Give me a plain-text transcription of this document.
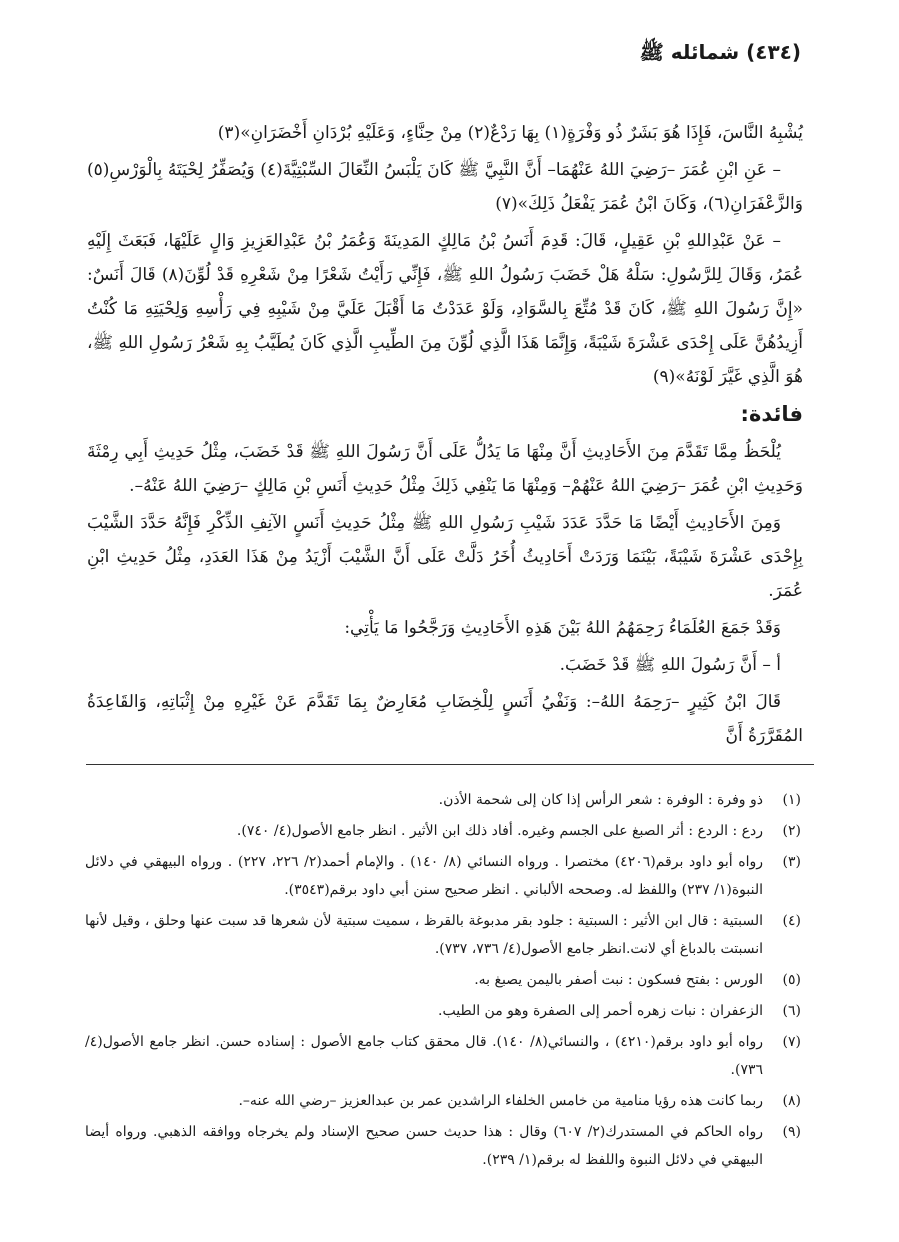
(٤٣٤) شمائله ﷺ

يُشْبِهُ النَّاسَ، فَإِذَا هُوَ بَشَرٌ ذُو وَفْرَةٍ(١) بِهَا رَدْعٌ(٢) مِنْ حِنَّاءٍ، وَعَلَيْهِ بُرْدَانِ أَخْضَرَانِ»(٣)

– عَنِ ابْنِ عُمَرَ –رَضِيَ اللهُ عَنْهُمَا– أَنَّ النَّبِيَّ ﷺ كَانَ يَلْبَسُ النِّعَالَ السِّبْتِيَّةَ(٤) وَيُصَفِّرُ لِحْيَتَهُ بِالْوَرْسِ(٥) وَالزَّعْفَرَانِ(٦)، وَكَانَ ابْنُ عُمَرَ يَفْعَلُ ذَلِكَ»(٧)

– عَنْ عَبْدِاللهِ بْنِ عَقِيلٍ، قَالَ: قَدِمَ أَنَسُ بْنُ مَالِكٍ المَدِينَةَ وَعُمَرُ بْنُ عَبْدِالعَزِيزِ وَالٍ عَلَيْهَا، فَبَعَثَ إِلَيْهِ عُمَرُ، وَقَالَ لِلرَّسُولِ: سَلْهُ هَلْ خَضَبَ رَسُولُ اللهِ ﷺ، فَإِنِّي رَأَيْتُ شَعْرًا مِنْ شَعْرِهِ قَدْ لُوِّنَ(٨) قَالَ أَنَسٌ: «إِنَّ رَسُولَ اللهِ ﷺ، كَانَ قَدْ مُتِّعَ بِالسَّوَادِ، وَلَوْ عَدَدْتُ مَا أَقْبَلَ عَلَيَّ مِنْ شَيْبِهِ فِي رَأْسِهِ وَلِحْيَتِهِ مَا كُنْتُ أَزِيدُهُنَّ عَلَى إِحْدَى عَشْرَةَ شَيْبَةً، وَإِنَّمَا هَذَا الَّذِي لُوِّنَ مِنَ الطِّيبِ الَّذِي كَانَ يُطَيَّبُ بِهِ شَعْرُ رَسُولِ اللهِ ﷺ، هُوَ الَّذِي غَيَّرَ لَوْنَهُ»(٩)

فائدة:

يُلْحَظُ مِمَّا تَقَدَّمَ مِنَ الأَحَادِيثِ أَنَّ مِنْهَا مَا يَدُلُّ عَلَى أَنَّ رَسُولَ اللهِ ﷺ قَدْ خَضَبَ، مِثْلُ حَدِيثِ أَبِي رِمْثَةَ وَحَدِيثِ ابْنِ عُمَرَ –رَضِيَ اللهُ عَنْهُمْ– وَمِنْهَا مَا يَنْفِي ذَلِكَ مِثْلُ حَدِيثِ أَنَسِ بْنِ مَالِكٍ –رَضِيَ اللهُ عَنْهُ–.

وَمِنَ الأَحَادِيثِ أَيْضًا مَا حَدَّدَ عَدَدَ شَيْبِ رَسُولِ اللهِ ﷺ مِثْلُ حَدِيثِ أَنَسٍ الآنِفِ الذِّكْرِ فَإِنَّهُ حَدَّدَ الشَّيْبَ بِإِحْدَى عَشْرَةَ شَيْبَةً، بَيْنَمَا وَرَدَتْ أَحَادِيثُ أُخَرُ دَلَّتْ عَلَى أَنَّ الشَّيْبَ أَزْيَدُ مِنْ هَذَا العَدَدِ، مِثْلُ حَدِيثِ ابْنِ عُمَرَ.

وَقَدْ جَمَعَ العُلَمَاءُ رَحِمَهُمُ اللهُ بَيْنَ هَذِهِ الأَحَادِيثِ وَرَجَّحُوا مَا يَأْتِي:

أ – أَنَّ رَسُولَ اللهِ ﷺ قَدْ خَضَبَ.

قَالَ ابْنُ كَثِيرٍ –رَحِمَهُ اللهُ–: وَنَفْيُ أَنَسٍ لِلْخِضَابِ مُعَارِضٌ بِمَا تَقَدَّمَ عَنْ غَيْرِهِ مِنْ إِثْبَاتِهِ، وَالقَاعِدَةُ المُقَرَّرَةُ أَنَّ

(١)
ذو وفرة : الوفرة : شعر الرأس إذا كان إلى شحمة الأذن.
(٢)
ردع : الردع : أثر الصبغ على الجسم وغيره. أفاد ذلك ابن الأثير . انظر جامع الأصول(٤/ ٧٤٠).
(٣)
رواه أبو داود برقم(٤٢٠٦) مختصرا . ورواه النسائي (٨/ ١٤٠) . والإمام أحمد(٢/ ٢٢٦، ٢٢٧) . ورواه البيهقي في دلائل النبوة(١/ ٢٣٧) واللفظ له. وصححه الألباني . انظر صحيح سنن أبي داود برقم(٣٥٤٣).
(٤)
السبتية : قال ابن الأثير : السبتية : جلود بقر مدبوغة بالقرظ ، سميت سبتية لأن شعرها قد سبت عنها وحلق ، وقيل لأنها انسبتت بالدباغ أي لانت.انظر جامع الأصول(٤/ ٧٣٦، ٧٣٧).
(٥)
الورس : بفتح فسكون : نبت أصفر باليمن يصبغ به.
(٦)
الزعفران : نبات زهره أحمر إلى الصفرة وهو من الطيب.
(٧)
رواه أبو داود برقم(٤٢١٠) ، والنسائي(٨/ ١٤٠). قال محقق كتاب جامع الأصول : إسناده حسن. انظر جامع الأصول(٤/ ٧٣٦).
(٨)
ربما كانت هذه رؤيا منامية من خامس الخلفاء الراشدين عمر بن عبدالعزيز –رضي الله عنه–.
(٩)
رواه الحاكم في المستدرك(٢/ ٦٠٧) وقال : هذا حديث حسن صحيح الإسناد ولم يخرجاه ووافقه الذهبي. ورواه أيضا البيهقي في دلائل النبوة واللفظ له برقم(١/ ٢٣٩).
